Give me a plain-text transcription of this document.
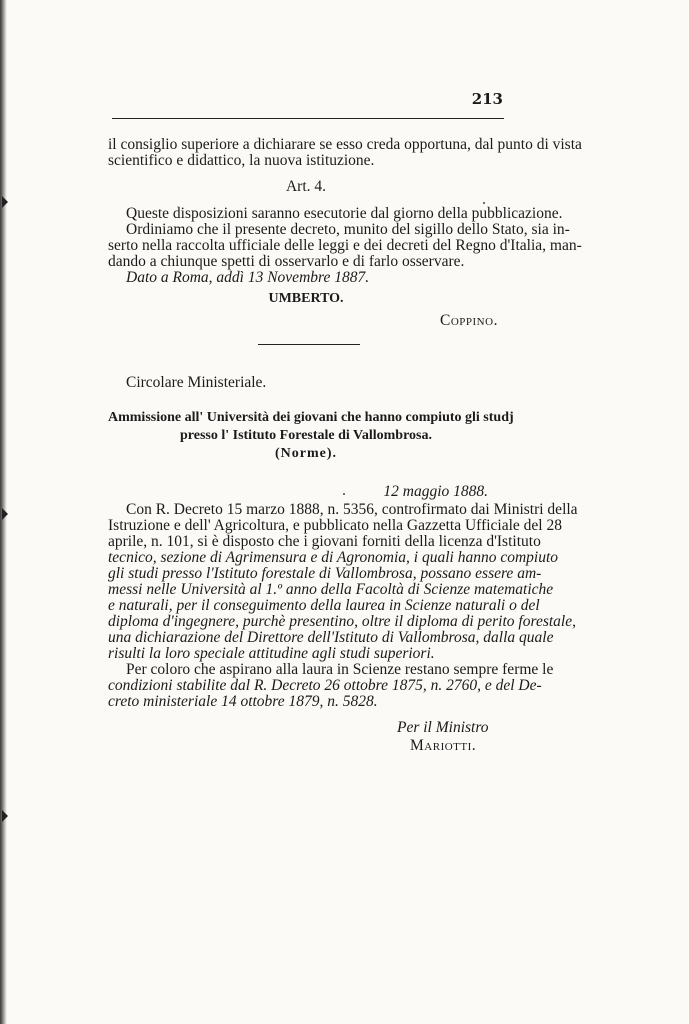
213
il consiglio superiore a dichiarare se esso creda opportuna, dal punto di vista
scientifico e didattico, la nuova istituzione.
Art. 4.
Queste disposizioni saranno esecutorie dal giorno della pubblicazione.
Ordiniamo che il presente decreto, munito del sigillo dello Stato, sia in-
serto nella raccolta ufficiale delle leggi e dei decreti del Regno d'Italia, man-
dando a chiunque spetti di osservarlo e di farlo osservare.
Dato a Roma, addì 13 Novembre 1887.
UMBERTO.
Coppino.
Circolare Ministeriale.
Ammissione all' Università dei giovani che hanno compiuto gli studj
presso l' Istituto Forestale di Vallombrosa.
(Norme).
12 maggio 1888.
Con R. Decreto 15 marzo 1888, n. 5356, controfirmato dai Ministri della
Istruzione e dell' Agricoltura, e pubblicato nella Gazzetta Ufficiale del 28
aprile, n. 101, si è disposto che i giovani forniti della licenza d'Istituto
tecnico, sezione di Agrimensura e di Agronomia, i quali hanno compiuto
gli studi presso l'Istituto forestale di Vallombrosa, possano essere am-
messi nelle Università al 1.º anno della Facoltà di Scienze matematiche
e naturali, per il conseguimento della laurea in Scienze naturali o del
diploma d'ingegnere, purchè presentino, oltre il diploma di perito forestale,
una dichiarazione del Direttore dell'Istituto di Vallombrosa, dalla quale
risulti la loro speciale attitudine agli studi superiori.
Per coloro che aspirano alla laura in Scienze restano sempre ferme le
condizioni stabilite dal R. Decreto 26 ottobre 1875, n. 2760, e del De-
creto ministeriale 14 ottobre 1879, n. 5828.
Per il Ministro
Mariotti.
